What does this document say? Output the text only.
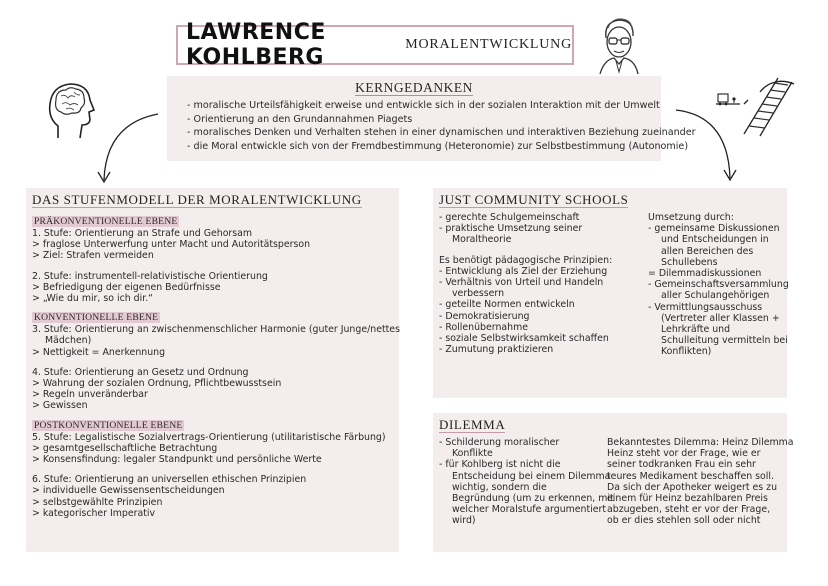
LAWRENCE KOHLBERG
MORALENTWICKLUNG
KERNGEDANKEN
- moralische Urteilsfähigkeit erweise und entwickle sich in der sozialen Interaktion mit der Umwelt
- Orientierung an den Grundannahmen Piagets
- moralisches Denken und Verhalten stehen in einer dynamischen und interaktiven Beziehung zueinander
- die Moral entwickle sich von der Fremdbestimmung (Heteronomie) zur Selbstbestimmung (Autonomie)
DAS STUFENMODELL DER MORALENTWICKLUNG
PRÄKONVENTIONELLE EBENE
1. Stufe: Orientierung an Strafe und Gehorsam
> fraglose Unterwerfung unter Macht und Autoritätsperson
> Ziel: Strafen vermeiden
2. Stufe: instrumentell-relativistische Orientierung
> Befriedigung der eigenen Bedürfnisse
> „Wie du mir, so ich dir.“
KONVENTIONELLE EBENE
3. Stufe: Orientierung an zwischenmenschlicher Harmonie (guter Junge/nettes
Mädchen)
> Nettigkeit = Anerkennung
4. Stufe: Orientierung an Gesetz und Ordnung
> Wahrung der sozialen Ordnung, Pflichtbewusstsein
> Regeln unveränderbar
> Gewissen
POSTKONVENTIONELLE EBENE
5. Stufe: Legalistische Sozialvertrags-Orientierung (utilitaristische Färbung)
> gesamtgesellschaftliche Betrachtung
> Konsensfindung: legaler Standpunkt und persönliche Werte
6. Stufe: Orientierung an universellen ethischen Prinzipien
> individuelle Gewissensentscheidungen
> selbstgewählte Prinzipien
> kategorischer Imperativ
JUST COMMUNITY SCHOOLS
- gerechte Schulgemeinschaft
- praktische Umsetzung seiner
Moraltheorie
Es benötigt pädagogische Prinzipien:
- Entwicklung als Ziel der Erziehung
- Verhältnis von Urteil und Handeln
verbessern
- geteilte Normen entwickeln
- Demokratisierung
- Rollenübernahme
- soziale Selbstwirksamkeit schaffen
- Zumutung praktizieren
Umsetzung durch:
- gemeinsame Diskussionen
und Entscheidungen in
allen Bereichen des
Schullebens
= Dilemmadiskussionen
- Gemeinschaftsversammlung
aller Schulangehörigen
- Vermittlungsausschuss
(Vertreter aller Klassen +
Lehrkräfte und
Schulleitung vermitteln bei
Konflikten)
DILEMMA
- Schilderung moralischer
Konflikte
- für Kohlberg ist nicht die
Entscheidung bei einem Dilemma
wichtig, sondern die
Begründung (um zu erkennen, mit
welcher Moralstufe argumentiert
wird)
Bekanntestes Dilemma: Heinz Dilemma
Heinz steht vor der Frage, wie er
seiner todkranken Frau ein sehr
teures Medikament beschaffen soll.
Da sich der Apotheker weigert es zu
einem für Heinz bezahlbaren Preis
abzugeben, steht er vor der Frage,
ob er dies stehlen soll oder nicht
